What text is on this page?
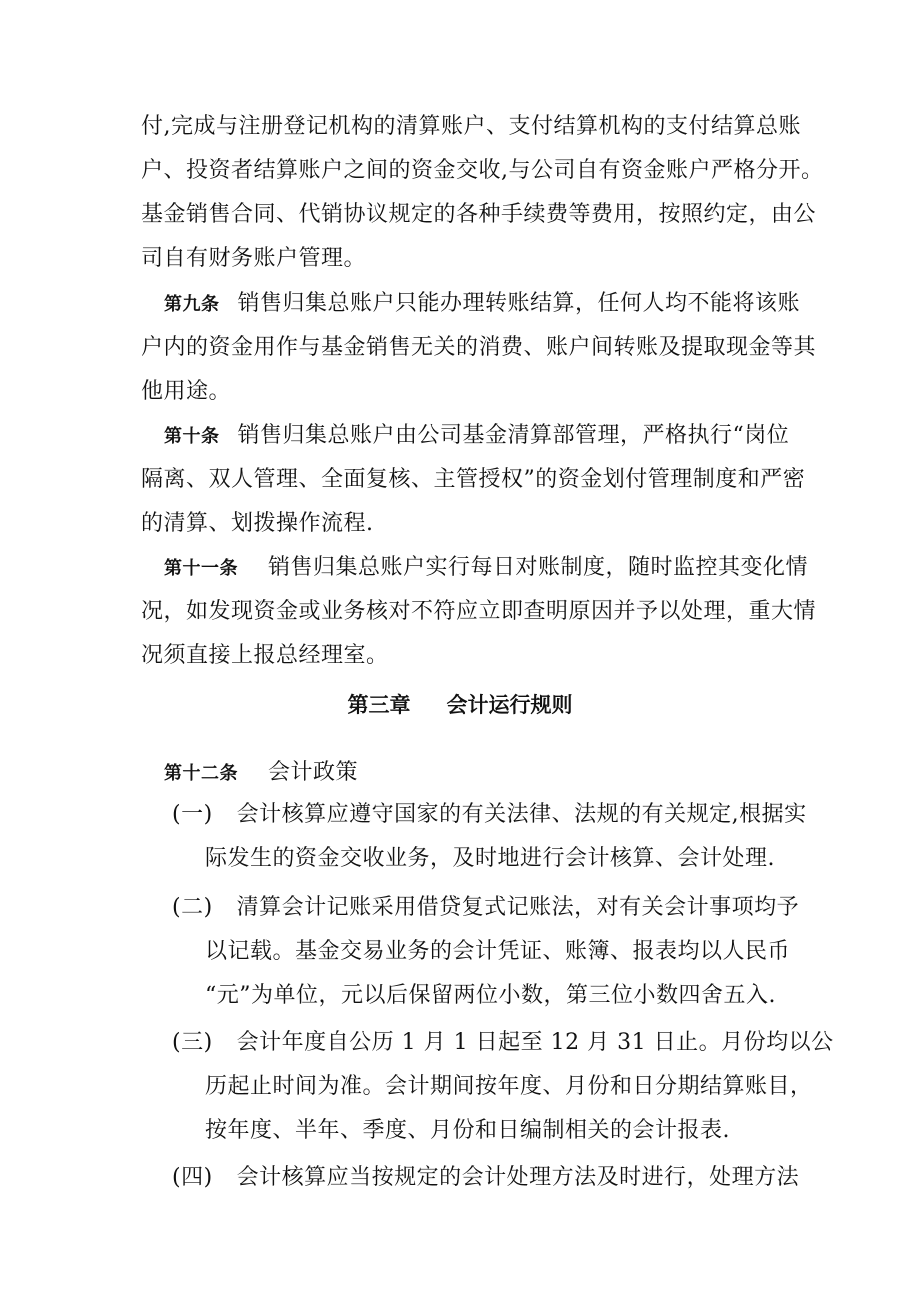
付,完成与注册登记机构的清算账户、支付结算机构的支付结算总账
户、投资者结算账户之间的资金交收,与公司自有资金账户严格分开。
基金销售合同、代销协议规定的各种手续费等费用，按照约定，由公
司自有财务账户管理。
第九条 销售归集总账户只能办理转账结算，任何人均不能将该账
户内的资金用作与基金销售无关的消费、账户间转账及提取现金等其
他用途。
第十条 销售归集总账户由公司基金清算部管理，严格执行“岗位
隔离、双人管理、全面复核、主管授权”的资金划付管理制度和严密
的清算、划拨操作流程.
第十一条 销售归集总账户实行每日对账制度，随时监控其变化情
况，如发现资金或业务核对不符应立即查明原因并予以处理，重大情
况须直接上报总经理室。
第三章 会计运行规则
第十二条 会计政策
(一) 会计核算应遵守国家的有关法律、法规的有关规定,根据实
际发生的资金交收业务，及时地进行会计核算、会计处理.
(二) 清算会计记账采用借贷复式记账法，对有关会计事项均予
以记载。基金交易业务的会计凭证、账簿、报表均以人民币
“元”为单位，元以后保留两位小数，第三位小数四舍五入.
(三) 会计年度自公历 1 月 1 日起至 12 月 31 日止。月份均以公
历起止时间为准。会计期间按年度、月份和日分期结算账目，
按年度、半年、季度、月份和日编制相关的会计报表.
(四) 会计核算应当按规定的会计处理方法及时进行，处理方法
